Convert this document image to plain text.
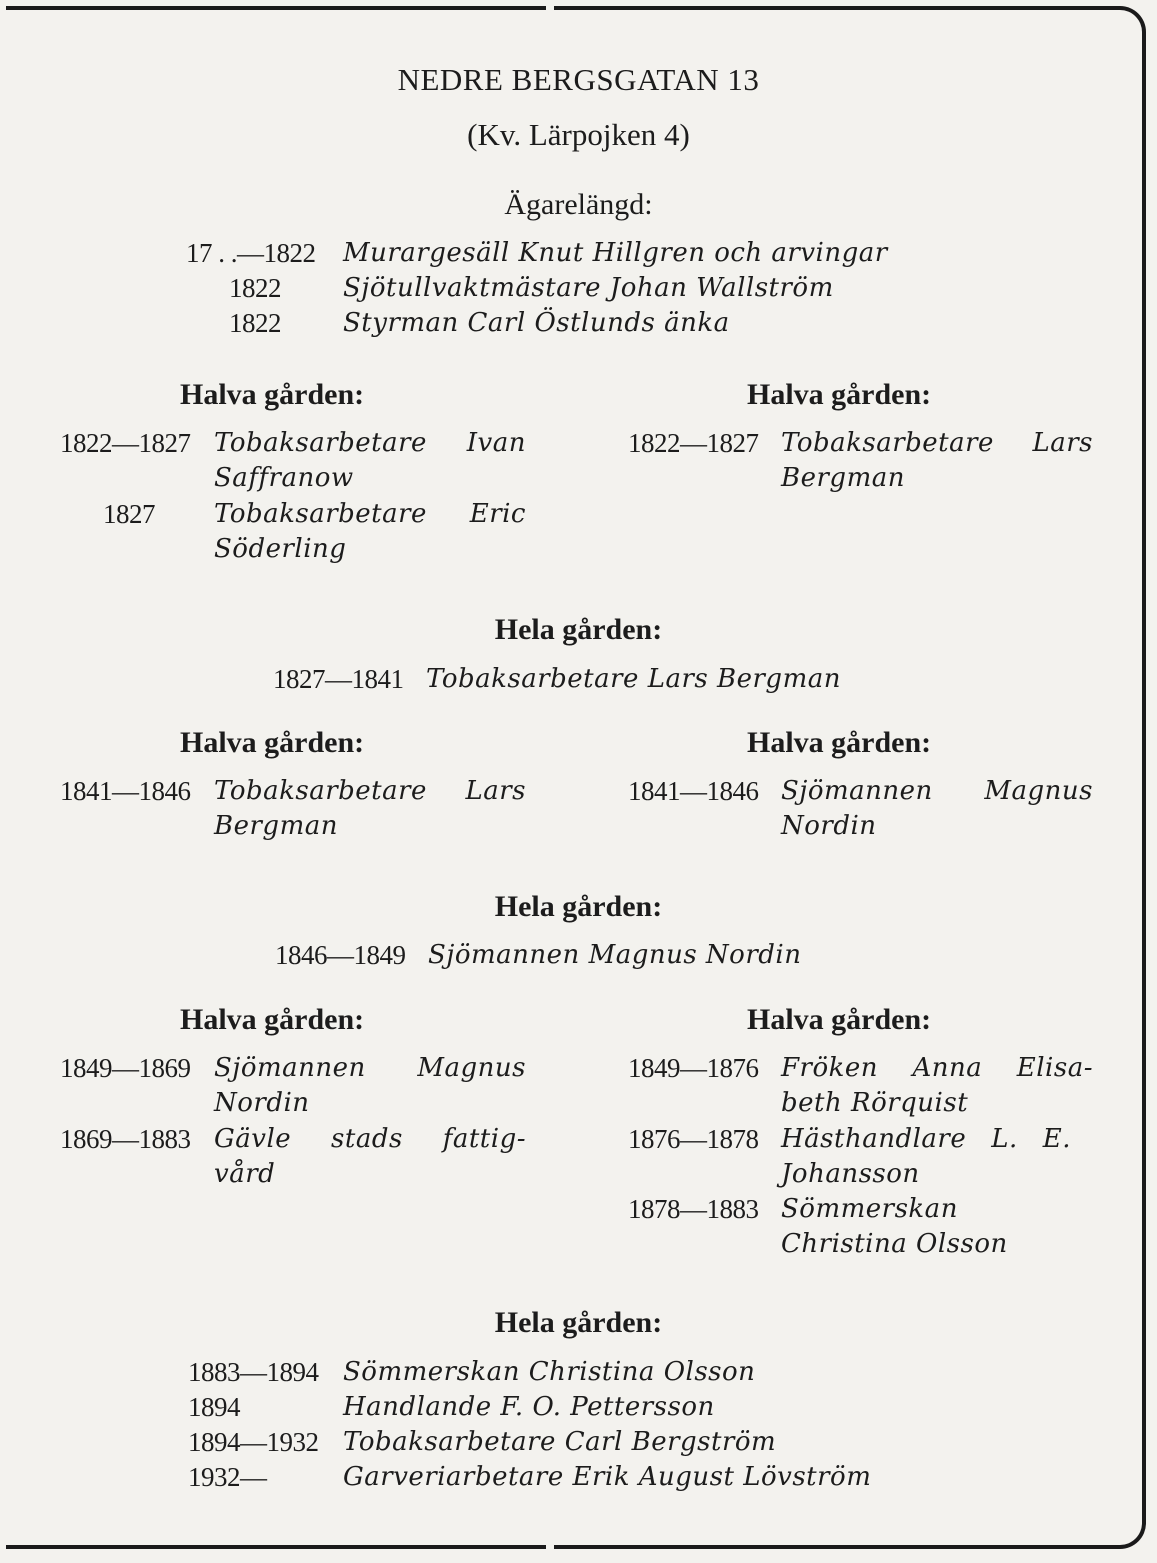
NEDRE BERGSGATAN 13
(Kv. Lärpojken 4)
Ägarelängd:
17 . .—1822 Murargesäll Knut Hillgren och arvingar
1822 Sjötullvaktmästare Johan Wallström
1822 Styrman Carl Östlunds änka
Halva gården:	Halva gården:
1822—1827 Tobaksarbetare Ivan
Saffranow
1827 Tobaksarbetare Eric
Söderling
1822—1827 Tobaksarbetare Lars
Bergman
Hela gården:
1827—1841 Tobaksarbetare Lars Bergman
Halva gården:	Halva gården:
1841—1846 Tobaksarbetare Lars
Bergman
1841—1846 Sjömannen Magnus
Nordin
Hela gården:
1846—1849 Sjömannen Magnus Nordin
Halva gården:	Halva gården:
1849—1869 Sjömannen Magnus
Nordin
1869—1883 Gävle stads fattig-
vård
1849—1876 Fröken Anna Elisa-
beth Rörquist
1876—1878 Hästhandlare L. E.
Johansson
1878—1883 Sömmerskan
Christina Olsson
Hela gården:
1883—1894 Sömmerskan Christina Olsson
1894	Handlande F. O. Pettersson
1894—1932 Tobaksarbetare Carl Bergström
1932—	Garveriarbetare Erik August Lövström
